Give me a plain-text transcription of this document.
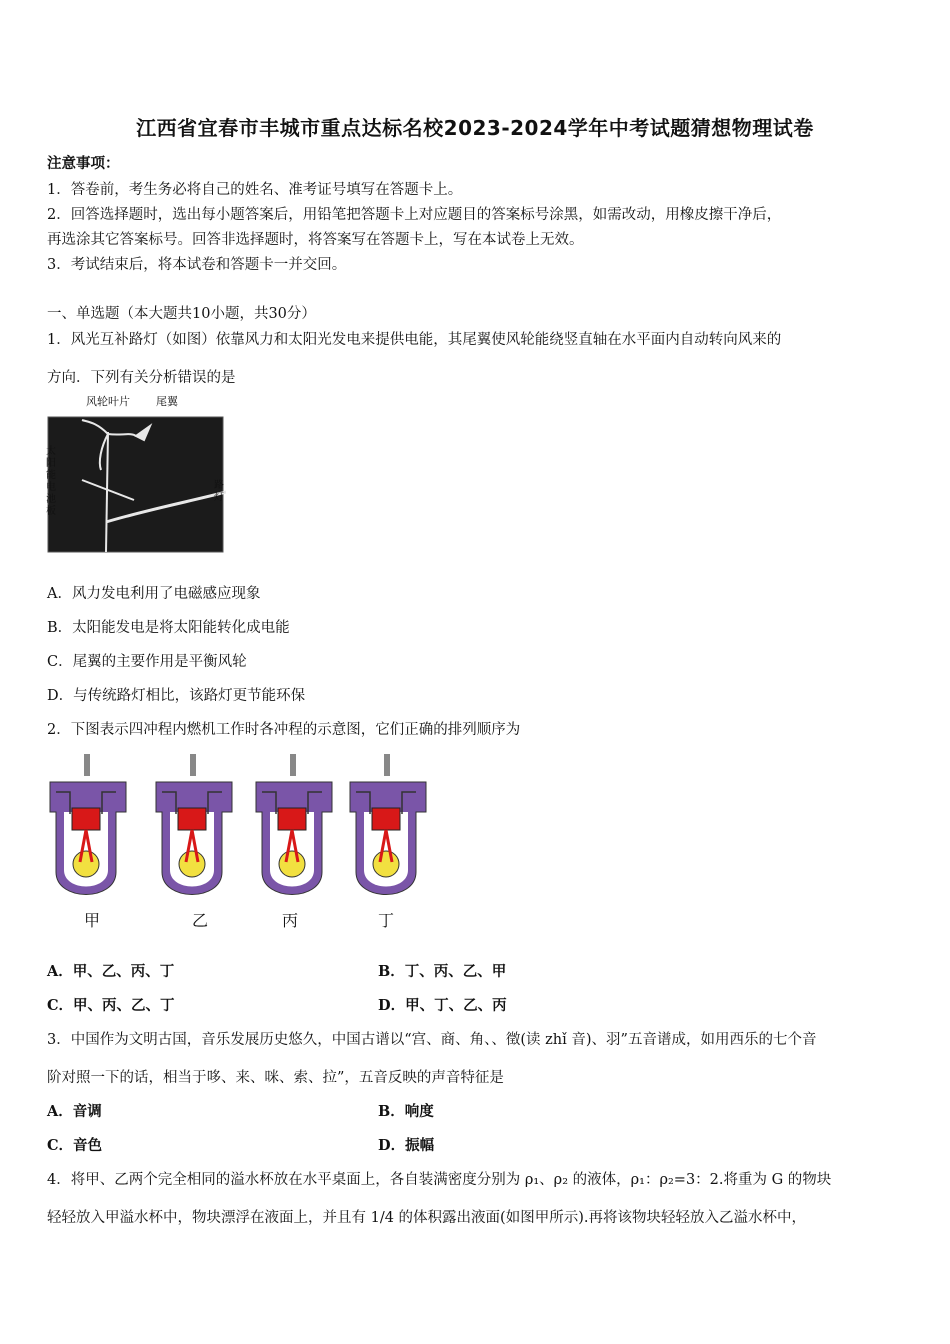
江西省宜春市丰城市重点达标名校2023-2024学年中考试题猜想物理试卷
注意事项：
1．答卷前，考生务必将自己的姓名、准考证号填写在答题卡上。
2．回答选择题时，选出每小题答案后，用铅笔把答题卡上对应题目的答案标号涂黑，如需改动，用橡皮擦干净后，
再选涂其它答案标号。回答非选择题时，将答案写在答题卡上，写在本试卷上无效。
3．考试结束后，将本试卷和答题卡一并交回。
一、单选题（本大题共10小题，共30分）
1．风光互补路灯（如图）依靠风力和太阳光发电来提供电能，其尾翼使风轮能绕竖直轴在水平面内自动转向风来的
方向．下列有关分析错误的是
风轮叶片 尾翼
太
阳
能
电
池
板
路
灯
A．风力发电利用了电磁感应现象
B．太阳能发电是将太阳能转化成电能
C．尾翼的主要作用是平衡风轮
D．与传统路灯相比，该路灯更节能环保
2．下图表示四冲程内燃机工作时各冲程的示意图，它们正确的排列顺序为
甲	乙	丙	丁
A．甲、乙、丙、丁	B．丁、丙、乙、甲
C．甲、丙、乙、丁	D．甲、丁、乙、丙
3．中国作为文明古国，音乐发展历史悠久，中国古谱以“宫、商、角、、徵(读 zhǐ 音)、羽”五音谱成，如用西乐的七个音
阶对照一下的话，相当于哆、来、咪、索、拉”，五音反映的声音特征是
A．音调	B．响度
C．音色	D．振幅
4．将甲、乙两个完全相同的溢水杯放在水平桌面上，各自装满密度分别为 ρ₁、ρ₂ 的液体，ρ₁：ρ₂=3：2.将重为 G 的物块
轻轻放入甲溢水杯中，物块漂浮在液面上，并且有 1/4 的体积露出液面(如图甲所示).再将该物块轻轻放入乙溢水杯中，
